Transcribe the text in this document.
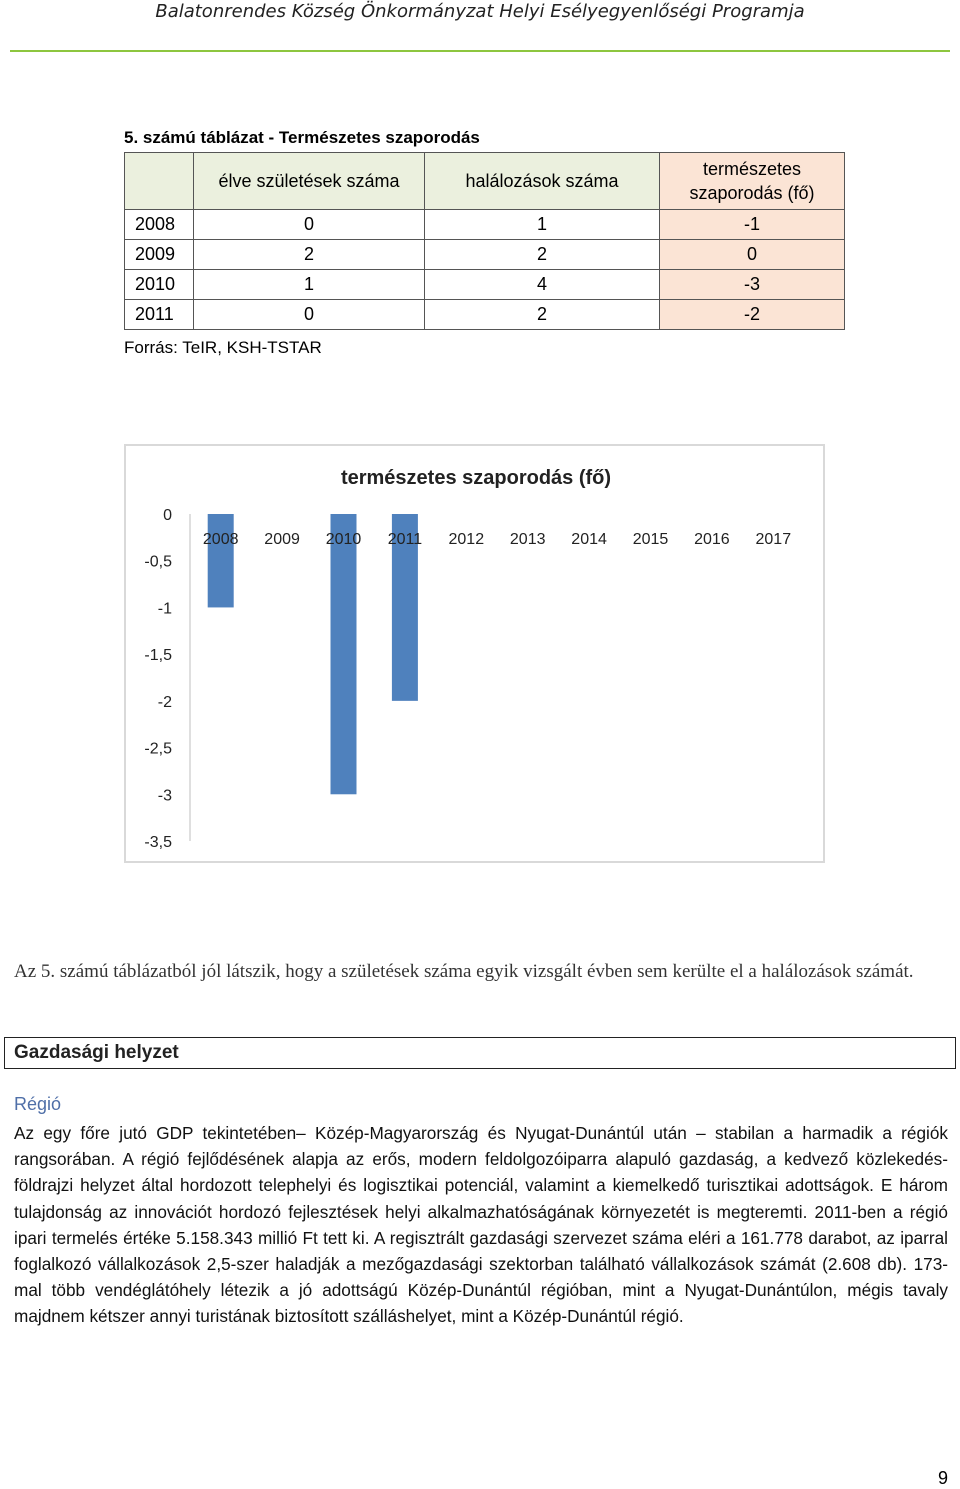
Balatonrendes Község Önkormányzat Helyi Esélyegyenlőségi Programja
5. számú táblázat - Természetes szaporodás
	élve születések száma	halálozások száma	természetes szaporodás (fő)
2008	0	1	-1
2009	2	2	0
2010	1	4	-3
2011	0	2	-2
Forrás: TeIR, KSH-TSTAR
természetes szaporodás (fő)
0
-0,5
-1
-1,5
-2
-2,5
-3
-3,5
2008 2009 2010 2011 2012 2013 2014 2015 2016 2017
Az 5. számú táblázatból jól látszik, hogy a születések száma egyik vizsgált évben sem kerülte el a halálozások számát.
Gazdasági helyzet
Régió
Az egy főre jutó GDP tekintetében– Közép-Magyarország és Nyugat-Dunántúl után – stabilan a harmadik a régiók rangsorában. A régió fejlődésének alapja az erős, modern feldolgozóiparra alapuló gazdaság, a kedvező közlekedés-földrajzi helyzet által hordozott telephelyi és logisztikai potenciál, valamint a kiemelkedő turisztikai adottságok. E három tulajdonság az innovációt hordozó fejlesztések helyi alkalmazhatóságának környezetét is megteremti. 2011-ben a régió ipari termelés értéke 5.158.343 millió Ft tett ki. A regisztrált gazdasági szervezet száma eléri a 161.778 darabot, az iparral foglalkozó vállalkozások 2,5-szer haladják a mezőgazdasági szektorban található vállalkozások számát (2.608 db). 173-mal több vendéglátóhely létezik a jó adottságú Közép-Dunántúl régióban, mint a Nyugat-Dunántúlon, mégis tavaly majdnem kétszer annyi turistának biztosított szálláshelyet, mint a Közép-Dunántúl régió.
9
